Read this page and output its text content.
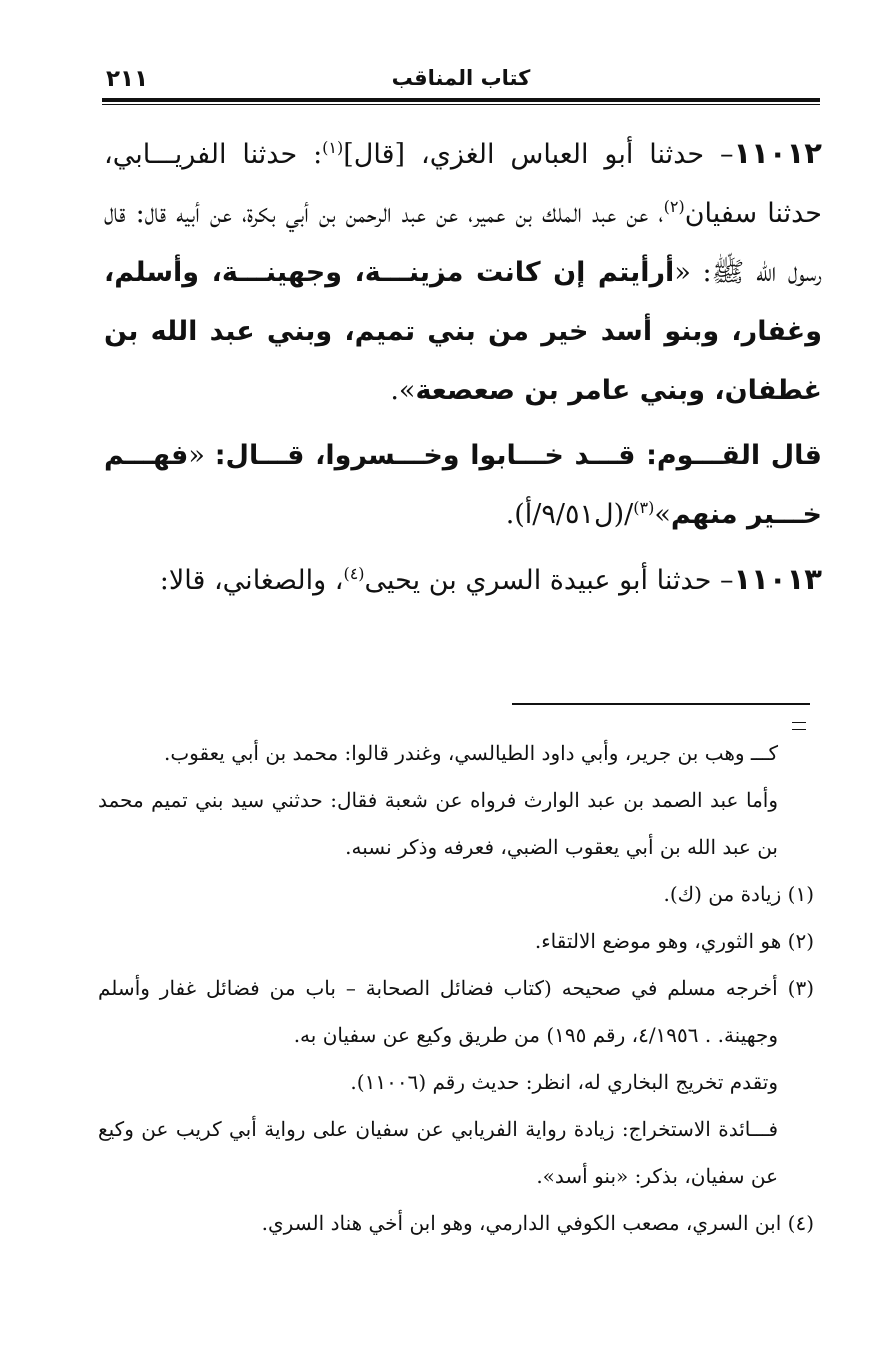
كتاب المناقب
٢١١

١١٠١٢– حدثنا أبو العباس الغزي، [قال]$^{(١)}$: حدثنا الفريـــابي، حدثنا سفيان$^{(٢)}$، عن عبد الملك بن عمير، عن عبد الرحمن بن أبي بكرة، عن أبيه قال: قال رسول الله ﷺ: «أرأيتم إن كانت مزينـــة، وجهينـــة، وأسلم، وغفار، وبنو أسد خير من بني تميم، وبني عبد الله بن غطفان، وبني عامر بن صعصعة».

قال القـــوم: قـــد خـــابوا وخـــسروا، قـــال: «فهـــم خـــير منهم»$^{(٣)}$/(ل٩/٥١/أ).

١١٠١٣– حدثنا أبو عبيدة السري بن يحيى$^{(٤)}$، والصغاني، قالا:

كـــ وهب بن جرير، وأبي داود الطيالسي، وغندر قالوا: محمد بن أبي يعقوب.

وأما عبد الصمد بن عبد الوارث فرواه عن شعبة فقال: حدثني سيد بني تميم محمد بن عبد الله بن أبي يعقوب الضبي، فعرفه وذكر نسبه.

(١) زيادة من (ك).

(٢) هو الثوري، وهو موضع الالتقاء.

(٣) أخرجه مسلم في صحيحه (كتاب فضائل الصحابة – باب من فضائل غفار وأسلم وجهينة. . ٤/١٩٥٦، رقم ١٩٥) من طريق وكيع عن سفيان به.

وتقدم تخريج البخاري له، انظر: حديث رقم (١١٠٠٦).

فـــائدة الاستخراج: زيادة رواية الفريابي عن سفيان على رواية أبي كريب عن وكيع عن سفيان، بذكر: «بنو أسد».

(٤) ابن السري، مصعب الكوفي الدارمي، وهو ابن أخي هناد السري.
